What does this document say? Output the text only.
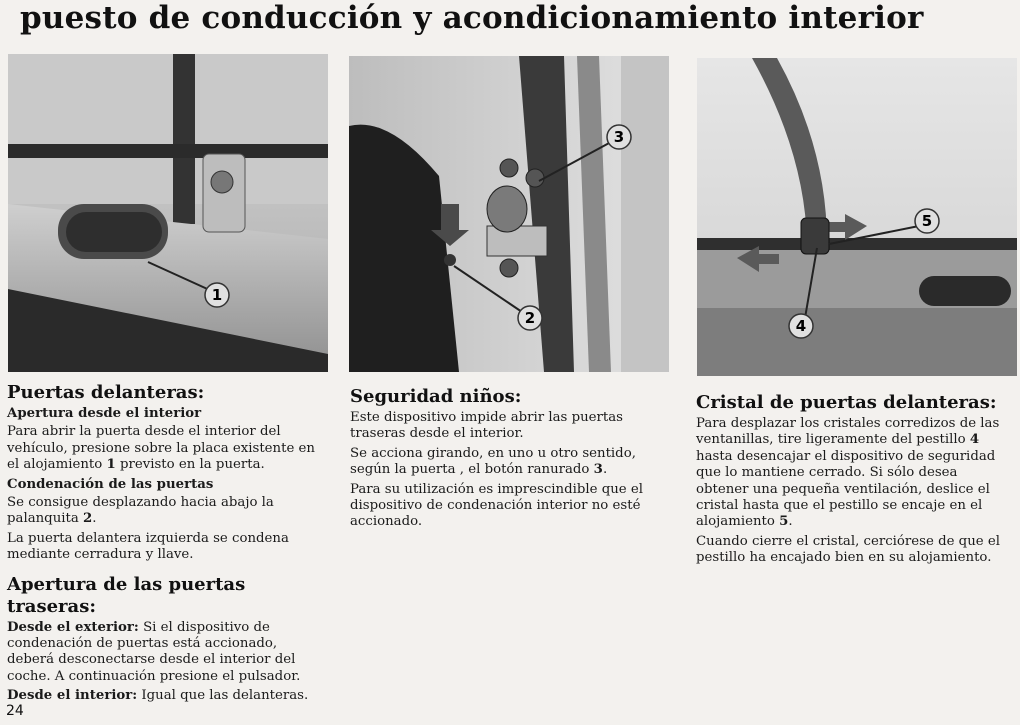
puesto de conducción y acondicionamiento interior
1
2
3
4
5
Puertas delanteras:
Apertura desde el interior

Para abrir la puerta desde el interior del vehículo, presione sobre la placa existente en el alojamiento 1 previsto en la puerta.

Condenación de las puertas

Se consigue desplazando hacia abajo la palanquita 2.

La puerta delantera izquierda se condena mediante cerradura y llave.

Apertura de las puertas traseras:

Desde el exterior: Si el dispositivo de condenación de puertas está accionado, deberá desconectarse desde el interior del coche. A continuación presione el pulsador.

Desde el interior: Igual que las delanteras.

Seguridad niños:

Este dispositivo impide abrir las puertas traseras desde el interior.

Se acciona girando, en uno u otro sentido, según la puerta , el botón ranurado 3.

Para su utilización es imprescindible que el dispositivo de condenación interior no esté accionado.

Cristal de puertas delanteras:

Para desplazar los cristales corredizos de las ventanillas, tire ligeramente del pestillo 4 hasta desencajar el dispositivo de seguridad que lo mantiene cerrado. Si sólo desea obtener una pequeña ventilación, deslice el cristal hasta que el pestillo se encaje en el alojamiento 5.

Cuando cierre el cristal, cerciórese de que el pestillo ha encajado bien en su alojamiento.

24
